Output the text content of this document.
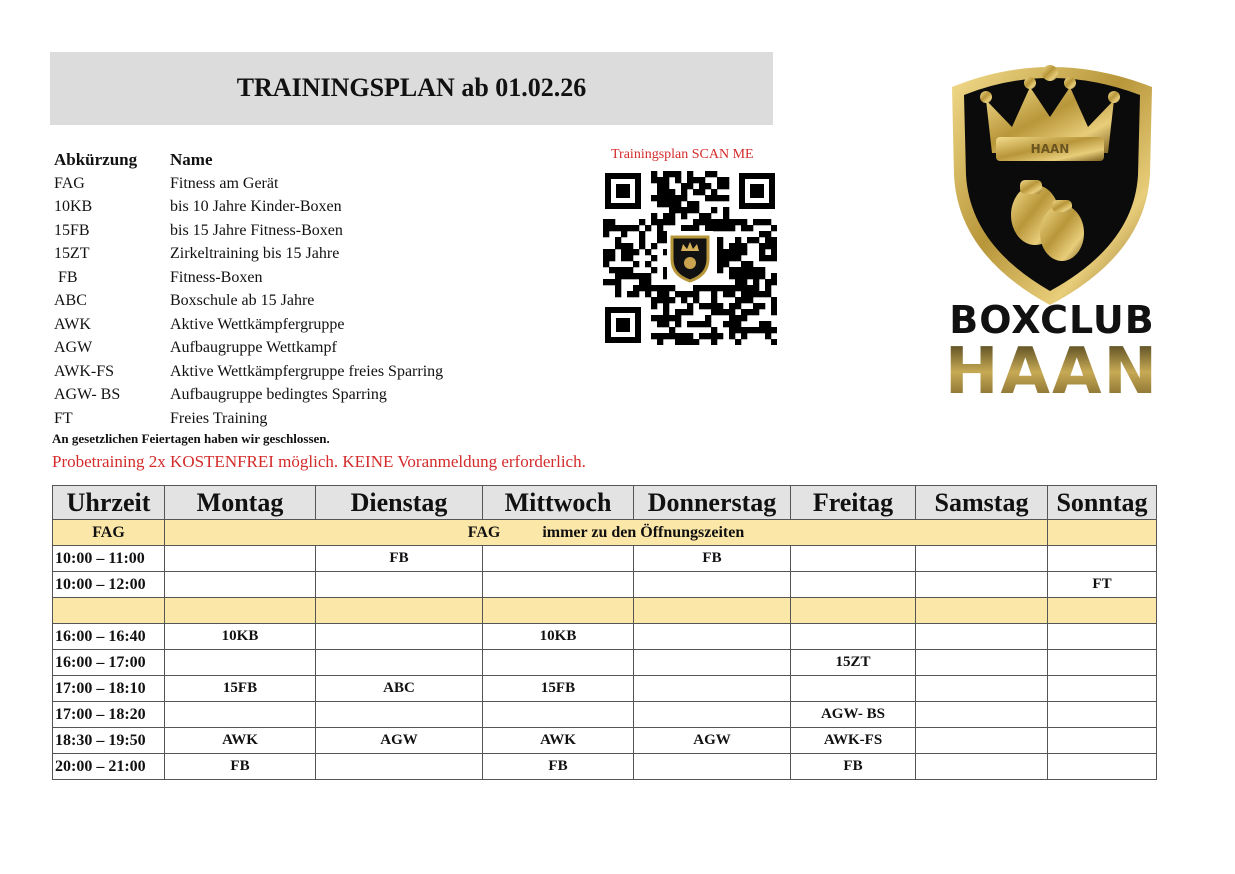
TRAININGSPLAN ab 01.02.26
Abkürzung Name
FAG	Fitness am Gerät
10KB	bis 10 Jahre Kinder-Boxen
15FB	bis 15 Jahre Fitness-Boxen
15ZT	Zirkeltraining bis 15 Jahre
FB	Fitness-Boxen
ABC	Boxschule ab 15 Jahre
AWK	Aktive Wettkämpfergruppe
AGW	Aufbaugruppe Wettkampf
AWK-FS	Aktive Wettkämpfergruppe freies Sparring
AGW- BS	Aufbaugruppe bedingtes Sparring
FT	Freies Training
An gesetzlichen Feiertagen haben wir geschlossen.
Probetraining 2x KOSTENFREI möglich. KEINE Voranmeldung erforderlich.
Trainingsplan SCAN ME	HAAN
BOXCLUB
HAAN
Uhrzeit	Montag	Dienstag	Mittwoch	Donnerstag	Freitag	Samstag	Sonntag
FAG	FAG immer zu den Öffnungszeiten						
10:00 – 11:00		FB		FB			
10:00 – 12:00							FT

16:00 – 16:40	10KB		10KB				
16:00 – 17:00					15ZT		
17:00 – 18:10	15FB	ABC	15FB				
17:00 – 18:20					AGW- BS		
18:30 – 19:50	AWK	AGW	AWK	AGW	AWK-FS		
20:00 – 21:00	FB		FB		FB		
